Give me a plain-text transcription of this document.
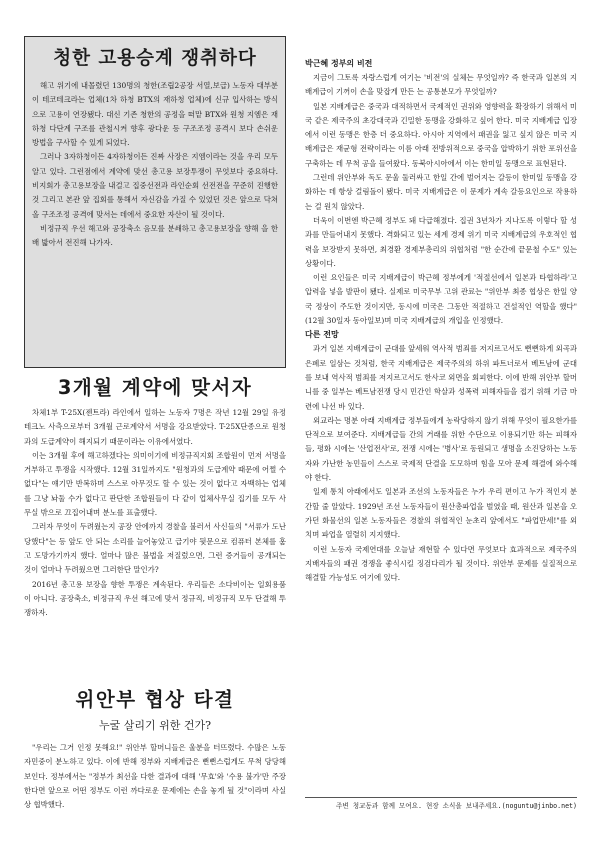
청한 고용승계 쟁취하다

해고 위기에 내몰렸던 130명의 청한(조립2공장 서열,보급) 노동자 대부분이 테코테크라는 업체(1차 하청 BTX의 재하청 업체)에 신규 입사하는 방식으로 고용이 연장됐다. 대신 기존 청한의 공정을 떠맡 BTX와 원청 지엠은 재하청 다단계 구조를 관철시켜 향후 광다운 등 구조조정 공격시 보다 손쉬운 방법을 구사할 수 있게 되었다.

그러나 3자하청이든 4자하청이든 진짜 사장은 지엠이라는 것을 우리 모두 알고 있다. 그런점에서 계약에 맞선 총고용 보장투쟁이 무엇보다 중요하다. 비지회가 총고용보장을 내걸고 집중선전과 라인순회 선전전을 꾸준히 진행한 것 그리고 본관 앞 집회를 통해서 자신감을 가질 수 있었던 것은 앞으로 닥쳐올 구조조정 공격에 맞서는 데에서 중요한 자산이 될 것이다.

비정규직 우선 해고와 공장축소 음모를 분쇄하고 총고용보장을 향해 을 한 배 밟아서 전진해 나가자.

3개월 계약에 맞서자

차체1부 T-25X(젠트라) 라인에서 일하는 노동자 7명은 작년 12월 29일 유정테크노 사측으로부터 3개월 근로계약서 서명을 강요받았다. T-25X단종으로 원청과의 도급계약이 해지되기 때문이라는 이유에서였다.

이는 3개월 후에 해고하겠다는 의미이기에 비정규직지회 조합원이 먼저 서명을 거부하고 투쟁을 시작했다. 12월 31일까지도 "원청과의 도급계약 때문에 어쩔 수 없다"는 얘기만 반복하며 스스로 아무것도 할 수 있는 것이 없다고 자백하는 업체를 그냥 놔둘 수가 없다고 판단한 조합원들이 다 같이 업체사무실 집기를 모두 사무실 밖으로 끄집어내며 분노를 표출했다.

그러자 무엇이 두려웠는지 공장 안에까지 경찰을 불러서 사신들의 "서류가 도난당했다"는 등 앞도 안 되는 소리를 늘어놓았고 급기야 뒷문으로 컴퓨터 본체를 훔고 도망가기까지 했다. 얼마나 많은 불법을 저질렀으면, 그런 증거들이 공개되는 것이 얼마나 두려웠으면 그러한단 말인가?

2016년 총고용 보장을 향한 투쟁은 계속된다. 우리들은 소다비이는 일회용품이 아니다. 공장축소, 비정규직 우선 해고에 맞서 정규직, 비정규직 모두 단결해 투쟁하자.

위안부 협상 타결

누굴 살리기 위한 건가?

"우리는 그거 인정 못해요!" 위안부 할머니들은 울분을 터뜨렸다. 수많은 노동자민중이 분노하고 있다. 이에 반해 정부와 지배계급은 뻔뻔스럽게도 무척 당당해 보인다. 정부에서는 "정부가 최선을 다한 결과에 대해 '무효'와 '수용 불가'만 주장한다면 앞으로 어떤 정부도 이런 까다로운 문제에는 손을 놓게 될 것"이라며 사실상 협박했다.

박근혜 정부의 비전

지금이 그토록 자랑스럽게 여기는 '비전'의 실체는 무엇일까? 즉 한국과 일본의 지배계급이 기꺼이 손을 맞잡게 만든 는 공통분모가 무엇일까?

일본 지배계급은 중국과 대적하면서 국제적인 권위와 영향력을 확장하기 위해서 미국 같은 제국주의 초강대국과 긴밀한 동맹을 강화하고 싶어 한다. 미국 지배계급 입장에서 이런 동맹은 한층 더 중요하다. 아시아 지역에서 패권을 잃고 싶지 않은 미국 지배계급은 재균형 전략이라는 이름 아래 전방위적으로 중국을 압박하기 위한 포위선을 구축하는 데 무척 공을 들여왔다. 동북아시아에서 이는 한미일 동맹으로 표현된다.

그런데 위안부와 독도 문울 둘러싸고 한일 간에 벌어지는 갈등이 한미일 동맹을 강화하는 데 항상 걸림돌이 됐다. 미국 지배계급은 이 문제가 계속 갈등요인으로 작용하는 걸 원치 않았다.

더욱이 이번엔 박근혜 정부도 돼 다급해졌다. 집권 3년차가 지나도록 이렇다 할 성과를 만들어내지 못했다. 격화되고 있는 세계 경제 위기 미국 지배계급의 우호적인 협력을 보장받지 못하면, 최경환 경제부총리의 위협처럼 "한 순간에 끝문철 수도" 있는 상황이다.

이런 요인들은 미국 지배계급이 박근혜 정부에게 '적절선에서 일본과 타협하라'고 압력을 넣을 발판이 됐다. 실제로 미국무부 고위 관료는 "위안부 최종 협상은 한일 양국 정상이 주도한 것이지만, 동시에 미국은 그동안 적절하고 건설적인 역할을 했다"(12월 30일자 동아일보)며 미국 지배계급의 개입을 인정했다.

다른 전망

과거 일본 지배계급이 군대를 앞세워 역사적 범죄를 저지르고서도 뻔뻔하게 외곡과 은폐로 일삼는 것처럼, 한국 지배계급은 제국주의의 하위 파트너로서 베트남에 군대를 보내 역사적 범죄를 저지르고서도 한사코 외면을 회피한다. 이에 반해 위안부 할머니를 중 일부는 베트남전쟁 당시 민간인 학살과 성폭력 피해자들을 접기 위해 기금 마련에 나선 바 있다.

외교라는 명분 아래 지배계급 정부들에게 농락당하지 않기 위해 무엇이 필요한가를 단적으로 보여준다. 지배계급들 간의 거래를 위한 수단으로 이용되기만 하는 피해자들, 평화 시에는 '산업전사'로, 전쟁 시에는 '병사'로 동원되고 생명을 소진당하는 노동자와 가난한 농민들이 스스로 국제적 단결을 도모하며 힘을 모아 문제 해결에 와수해야 한다.

일제 통치 아래에서도 일본과 조선의 노동자들은 누가 우리 편이고 누가 적인지 분간할 줄 알았다. 1929년 조선 노동자들이 원산총파업을 벌였을 때, 원산과 일본을 오가던 화물선의 일본 노동자들은 경찰의 위협적인 눈초리 앞에서도 "파업만세!"를 외치며 파업을 열렬히 지지했다.

이런 노동자 국제연대를 오늘날 재현할 수 있다면 무엇보다 효과적으로 제국주의 지배자들의 패권 경쟁을 좋식시킬 징검다리가 될 것이다. 위안부 문제를 실질적으로 해결할 가능성도 여기에 있다.

주변 청교동과 함께 모여요. 현장 소식을 보내주세요.(noguntu@jinbo.net)
